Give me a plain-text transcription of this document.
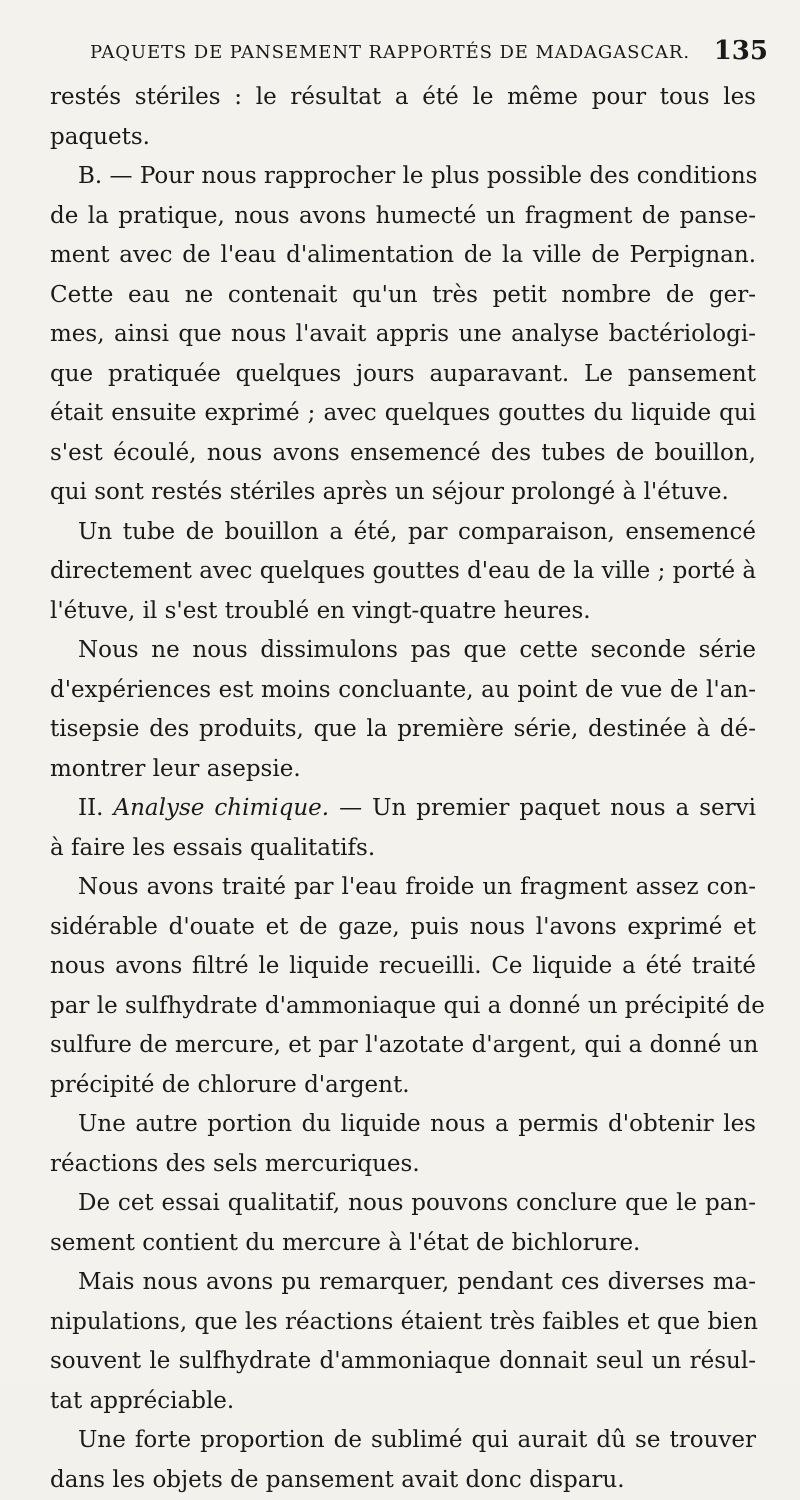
PAQUETS DE PANSEMENT RAPPORTÉS DE MADAGASCAR. 135
restés stériles : le résultat a été le même pour tous les
paquets.
B. — Pour nous rapprocher le plus possible des conditions
de la pratique, nous avons humecté un fragment de panse-
ment avec de l'eau d'alimentation de la ville de Perpignan.
Cette eau ne contenait qu'un très petit nombre de ger-
mes, ainsi que nous l'avait appris une analyse bactériologi-
que pratiquée quelques jours auparavant. Le pansement
était ensuite exprimé ; avec quelques gouttes du liquide qui
s'est écoulé, nous avons ensemencé des tubes de bouillon,
qui sont restés stériles après un séjour prolongé à l'étuve.
Un tube de bouillon a été, par comparaison, ensemencé
directement avec quelques gouttes d'eau de la ville ; porté à
l'étuve, il s'est troublé en vingt-quatre heures.
Nous ne nous dissimulons pas que cette seconde série
d'expériences est moins concluante, au point de vue de l'an-
tisepsie des produits, que la première série, destinée à dé-
montrer leur asepsie.
II. Analyse chimique. — Un premier paquet nous a servi
à faire les essais qualitatifs.
Nous avons traité par l'eau froide un fragment assez con-
sidérable d'ouate et de gaze, puis nous l'avons exprimé et
nous avons filtré le liquide recueilli. Ce liquide a été traité
par le sulfhydrate d'ammoniaque qui a donné un précipité de
sulfure de mercure, et par l'azotate d'argent, qui a donné un
précipité de chlorure d'argent.
Une autre portion du liquide nous a permis d'obtenir les
réactions des sels mercuriques.
De cet essai qualitatif, nous pouvons conclure que le pan-
sement contient du mercure à l'état de bichlorure.
Mais nous avons pu remarquer, pendant ces diverses ma-
nipulations, que les réactions étaient très faibles et que bien
souvent le sulfhydrate d'ammoniaque donnait seul un résul-
tat appréciable.
Une forte proportion de sublimé qui aurait dû se trouver
dans les objets de pansement avait donc disparu.
